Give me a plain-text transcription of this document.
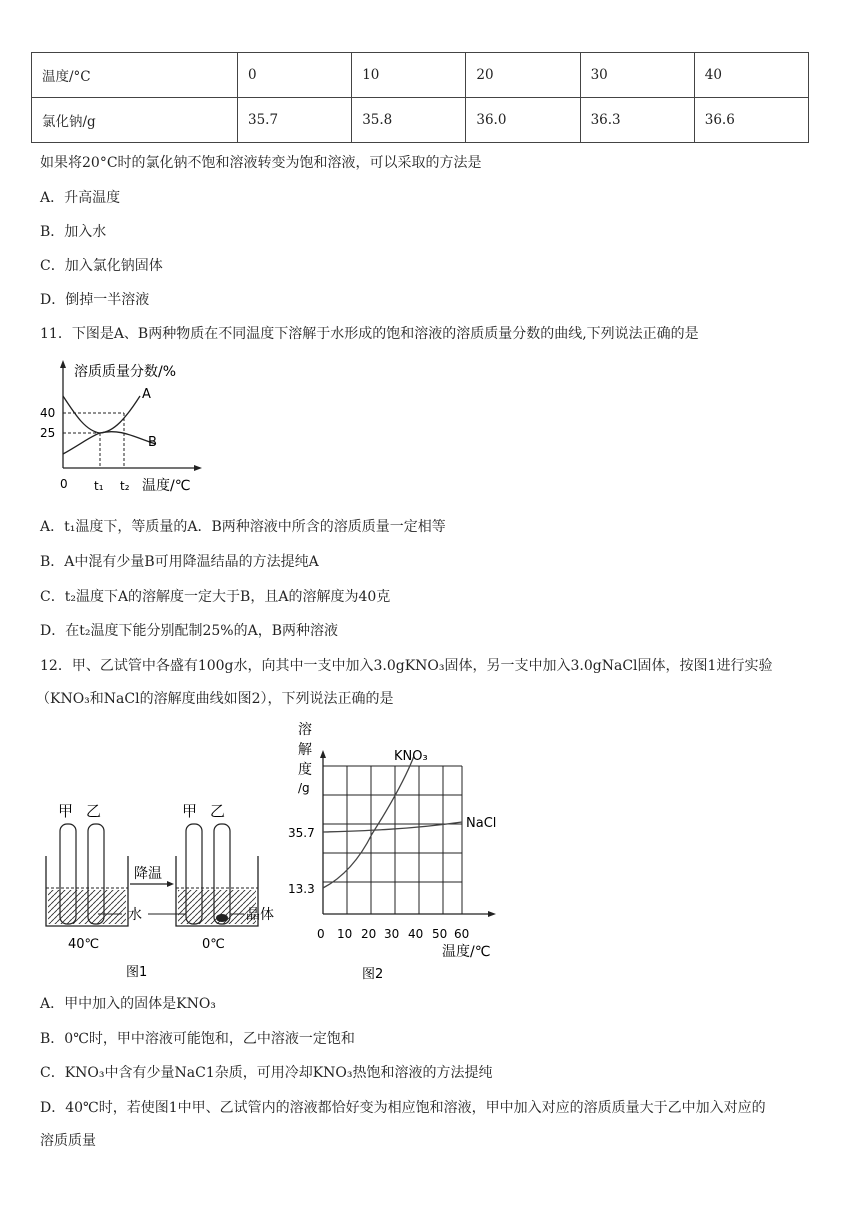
温度/°C	0	10	20	30	40
氯化钠/g	35.7	35.8	36.0	36.3	36.6
如果将20°C时的氯化钠不饱和溶液转变为饱和溶液，可以采取的方法是
A．升高温度
B．加入水
C．加入氯化钠固体
D．倒掉一半溶液
11．下图是A、B两种物质在不同温度下溶解于水形成的饱和溶液的溶质质量分数的曲线,下列说法正确的是
溶质质量分数/%
40
25
0 t₁ t₂ 温度/℃
A
B
A．t₁温度下，等质量的A．B两种溶液中所含的溶质质量一定相等
B．A中混有少量B可用降温结晶的方法提纯A
C．t₂温度下A的溶解度一定大于B，且A的溶解度为40克
D．在t₂温度下能分别配制25%的A，B两种溶液
12．甲、乙试管中各盛有100g水，向其中一支中加入3.0gKNO₃固体，另一支中加入3.0gNaCl固体，按图1进行实验
（KNO₃和NaCl的溶解度曲线如图2），下列说法正确的是
甲 乙	甲 乙
降温
水	晶体
40℃	0℃
图1
溶
解
度
/g
KNO₃
NaCl
35.7
13.3
0 10 20 30 40 50 60
温度/℃
图2
A．甲中加入的固体是KNO₃
B．0℃时，甲中溶液可能饱和，乙中溶液一定饱和
C．KNO₃中含有少量NaC1杂质，可用冷却KNO₃热饱和溶液的方法提纯
D．40℃时，若使图1中甲、乙试管内的溶液都恰好变为相应饱和溶液，甲中加入对应的溶质质量大于乙中加入对应的
溶质质量
